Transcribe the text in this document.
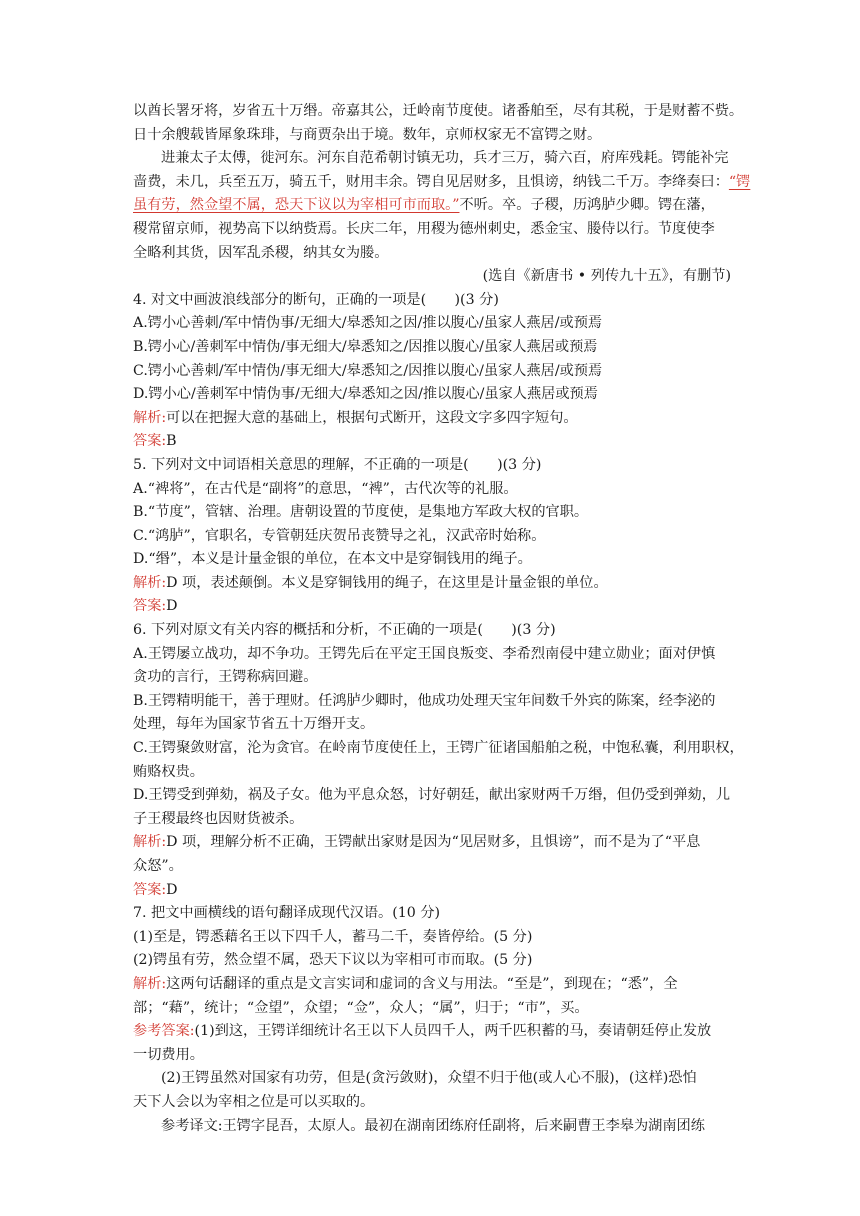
以酋长署牙将，岁省五十万缗。帝嘉其公，迁岭南节度使。诸番舶至，尽有其税，于是财蓄不赀。
日十余艘载皆犀象珠琲，与商贾杂出于境。数年，京师权家无不富锷之财。
进兼太子太傅，徙河东。河东自范希朝讨镇无功，兵才三万，骑六百，府库残耗。锷能补完
啬费，未几，兵至五万，骑五千，财用丰余。锷自见居财多，且惧谤，纳钱二千万。李绛奏曰：“锷
虽有劳，然佥望不属，恐天下议以为宰相可市而取。”不听。卒。子稷，历鸿胪少卿。锷在藩，
稷常留京师，视势高下以纳赀焉。长庆二年，用稷为德州刺史，悉金宝、媵侍以行。节度使李
全略利其货，因军乱杀稷，纳其女为媵。
(选自《新唐书 • 列传九十五》，有删节)
4. 对文中画波浪线部分的断句，正确的一项是(　　)(3 分)
A.锷小心善刺/军中情伪事/无细大/皋悉知之因/推以腹心/虽家人燕居/或预焉
B.锷小心/善刺军中情伪/事无细大/皋悉知之/因推以腹心/虽家人燕居或预焉
C.锷小心善刺/军中情伪/事无细大/皋悉知之/因推以腹心/虽家人燕居/或预焉
D.锷小心/善刺军中情伪事/无细大/皋悉知之因/推以腹心/虽家人燕居或预焉
解析:可以在把握大意的基础上，根据句式断开，这段文字多四字短句。
答案:B
5. 下列对文中词语相关意思的理解，不正确的一项是(　　)(3 分)
A.“裨将”，在古代是“副将”的意思，“裨”，古代次等的礼服。
B.“节度”，管辖、治理。唐朝设置的节度使，是集地方军政大权的官职。
C.“鸿胪”，官职名，专管朝廷庆贺吊丧赞导之礼，汉武帝时始称。
D.“缗”，本义是计量金银的单位，在本文中是穿铜钱用的绳子。
解析:D 项，表述颠倒。本义是穿铜钱用的绳子，在这里是计量金银的单位。
答案:D
6. 下列对原文有关内容的概括和分析，不正确的一项是(　　)(3 分)
A.王锷屡立战功，却不争功。王锷先后在平定王国良叛变、李希烈南侵中建立勋业；面对伊慎
贪功的言行，王锷称病回避。
B.王锷精明能干，善于理财。任鸿胪少卿时，他成功处理天宝年间数千外宾的陈案，经李泌的
处理，每年为国家节省五十万缗开支。
C.王锷聚敛财富，沦为贪官。在岭南节度使任上，王锷广征诸国船舶之税，中饱私囊，利用职权，
贿赂权贵。
D.王锷受到弹劾，祸及子女。他为平息众怒，讨好朝廷，献出家财两千万缗，但仍受到弹劾，儿
子王稷最终也因财货被杀。
解析:D 项，理解分析不正确，王锷献出家财是因为“见居财多，且惧谤”，而不是为了“平息
众怒”。
答案:D
7. 把文中画横线的语句翻译成现代汉语。(10 分)
(1)至是，锷悉藉名王以下四千人，蓄马二千，奏皆停给。(5 分)
(2)锷虽有劳，然佥望不属，恐天下议以为宰相可市而取。(5 分)
解析:这两句话翻译的重点是文言实词和虚词的含义与用法。“至是”，到现在；“悉”，全
部；“藉”，统计；“佥望”，众望；“佥”，众人；“属”，归于；“市”，买。
参考答案:(1)到这，王锷详细统计名王以下人员四千人，两千匹积蓄的马，奏请朝廷停止发放
一切费用。
(2)王锷虽然对国家有功劳，但是(贪污敛财)，众望不归于他(或人心不服)，(这样)恐怕
天下人会以为宰相之位是可以买取的。
参考译文:王锷字昆吾，太原人。最初在湖南团练府任副将，后来嗣曹王李皋为湖南团练
